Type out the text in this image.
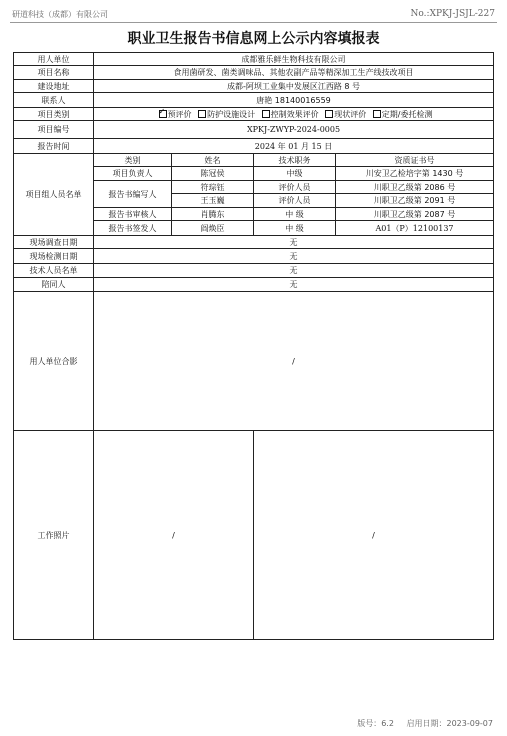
研道科技（成都）有限公司	No.:XPKJ-JSJL-227
职业卫生报告书信息网上公示内容填报表
用人单位	成都雅乐鲜生物科技有限公司			
项目名称	食用菌研发、菌类调味品、其他农副产品等精深加工生产线技改项目			
建设地址	成都-阿坝工业集中发展区江西路 8 号			
联系人	唐艳 18140016559			
项目类别	✓预评价 防护设施设计 控制效果评价 现状评价 定期/委托检测
项目编号	XPKJ-ZWYP-2024-0005			
报告时间	2024 年 01 月 15 日			
项目组人员名单	类别	姓名	技术职务	资质证书号
	项目负责人	陈冠侯	中级	川安卫乙检培字第 1430 号
	报告书编写人	符琮钰	评价人员	川职卫乙级第 2086 号
		王玉巍	评价人员	川职卫乙级第 2091 号
	报告书审核人	肖腾东	中 级	川职卫乙级第 2087 号
	报告书签发人	阎焕臣	中 级	A01（P）12100137
现场调查日期	无			
现场检测日期	无			
技术人员名单	无			
陪同人	无			
用人单位合影	/			
工作照片	/		/	
版号：6.2 启用日期：2023-09-07
